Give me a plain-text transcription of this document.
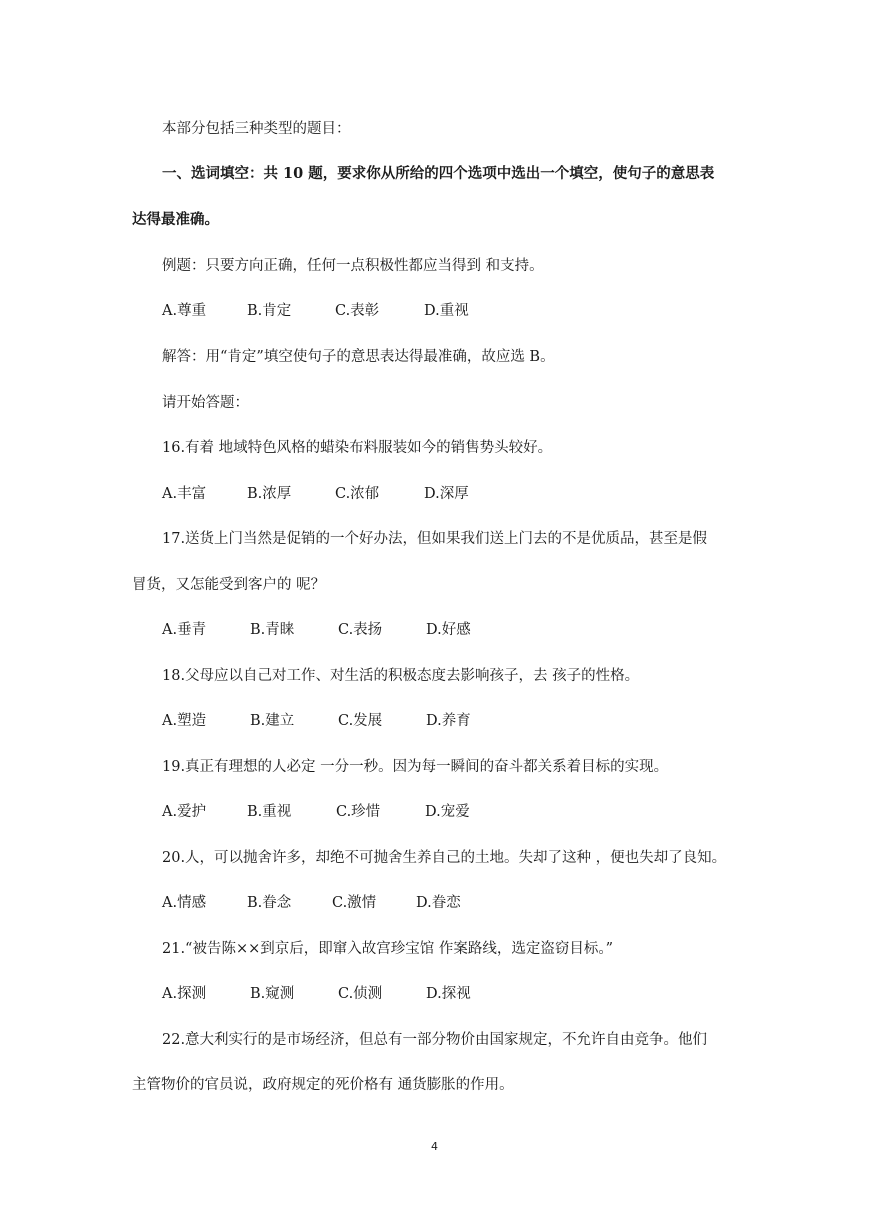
本部分包括三种类型的题目：
一、选词填空：共 10 题，要求你从所给的四个选项中选出一个填空，使句子的意思表
达得最准确。
例题：只要方向正确，任何一点积极性都应当得到 和支持。
A.尊重	B.肯定	C.表彰	D.重视
解答：用“肯定”填空使句子的意思表达得最准确，故应选 B。
请开始答题：
16.有着 地域特色风格的蜡染布料服装如今的销售势头较好。
A.丰富	B.浓厚	C.浓郁	D.深厚
17.送货上门当然是促销的一个好办法，但如果我们送上门去的不是优质品，甚至是假
冒货，又怎能受到客户的 呢？
A.垂青	B.青睐	C.表扬	D.好感
18.父母应以自己对工作、对生活的积极态度去影响孩子，去 孩子的性格。
A.塑造	B.建立	C.发展	D.养育
19.真正有理想的人必定 一分一秒。因为每一瞬间的奋斗都关系着目标的实现。
A.爱护	B.重视	C.珍惜	D.宠爱
20.人，可以抛舍许多，却绝不可抛舍生养自己的土地。失却了这种 ，便也失却了良知。
A.情感	B.眷念	C.激情	D.眷恋
21.“被告陈××到京后，即窜入故宫珍宝馆 作案路线，选定盗窃目标。”
A.探测	B.窥测	C.侦测	D.探视
22.意大利实行的是市场经济，但总有一部分物价由国家规定，不允许自由竞争。他们
主管物价的官员说，政府规定的死价格有 通货膨胀的作用。
4
